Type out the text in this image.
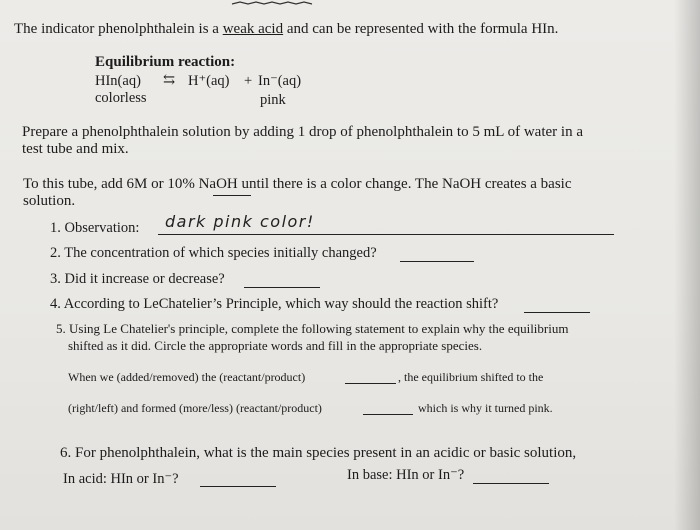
The indicator phenolphthalein is a weak acid and can be represented with the formula HIn.
Equilibrium reaction:
HIn(aq) ⇆ H⁺(aq) + In⁻(aq)
colorless	pink
Prepare a phenolphthalein solution by adding 1 drop of phenolphthalein to 5 mL of water in a
test tube and mix.
To this tube, add 6M or 10% NaOH until there is a color change. The NaOH creates a basic
solution.
1. Observation: dark pink color!
2. The concentration of which species initially changed?
3. Did it increase or decrease?
4. According to LeChatelier’s Principle, which way should the reaction shift?
5. Using Le Chatelier's principle, complete the following statement to explain why the equilibrium
shifted as it did. Circle the appropriate words and fill in the appropriate species.
When we (added/removed) the (reactant/product)	, the equilibrium shifted to the
(right/left) and formed (more/less) (reactant/product)	which is why it turned pink.
6. For phenolphthalein, what is the main species present in an acidic or basic solution,
In acid: HIn or In⁻?	In base: HIn or In⁻?
